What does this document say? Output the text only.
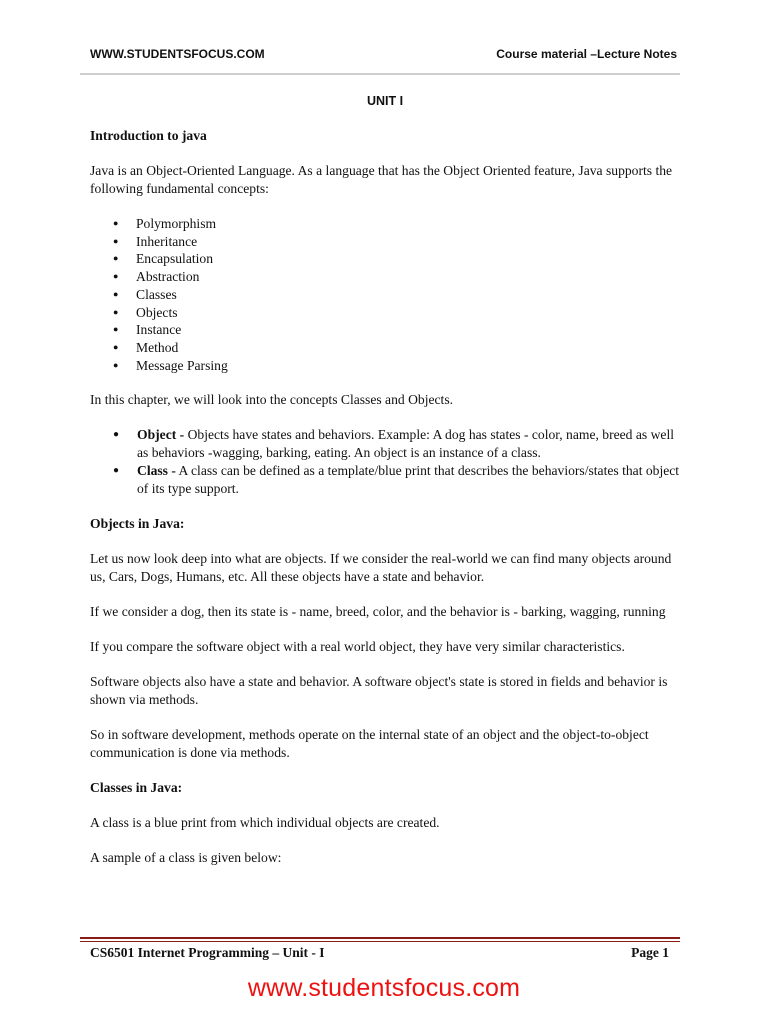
WWW.STUDENTSFOCUS.COM	Course material –Lecture Notes
UNIT I
Introduction to java

Java is an Object-Oriented Language. As a language that has the Object Oriented feature, Java supports the following fundamental concepts:

● Polymorphism
● Inheritance
● Encapsulation
● Abstraction
● Classes
● Objects
● Instance
● Method
● Message Parsing

In this chapter, we will look into the concepts Classes and Objects.

● Object - Objects have states and behaviors. Example: A dog has states - color, name, breed as well as behaviors -wagging, barking, eating. An object is an instance of a class.
● Class - A class can be defined as a template/blue print that describes the behaviors/states that object of its type support.
Objects in Java:

Let us now look deep into what are objects. If we consider the real-world we can find many objects around us, Cars, Dogs, Humans, etc. All these objects have a state and behavior.

If we consider a dog, then its state is - name, breed, color, and the behavior is - barking, wagging, running

If you compare the software object with a real world object, they have very similar characteristics.

Software objects also have a state and behavior. A software object's state is stored in fields and behavior is shown via methods.

So in software development, methods operate on the internal state of an object and the object-to-object communication is done via methods.

Classes in Java:

A class is a blue print from which individual objects are created.

A sample of a class is given below:

CS6501 Internet Programming – Unit - I	Page 1
www.studentsfocus.com
